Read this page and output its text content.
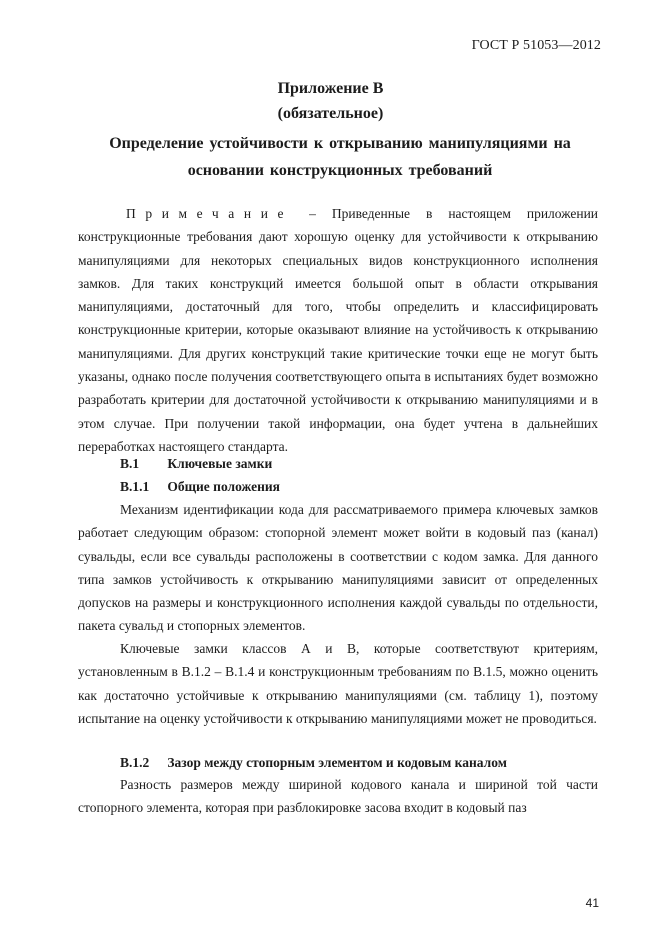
ГОСТ Р 51053—2012
Приложение В
(обязательное)
Определение устойчивости к открыванию манипуляциями на основании конструкционных требований
Примечание – Приведенные в настоящем приложении конструкционные требования дают хорошую оценку для устойчивости к открыванию манипуляциями для некоторых специальных видов конструкционного исполнения замков. Для таких конструкций имеется большой опыт в области открывания манипуляциями, достаточный для того, чтобы определить и классифицировать конструкционные критерии, которые оказывают влияние на устойчивость к открыванию манипуляциями. Для других конструкций такие критические точки еще не могут быть указаны, однако после получения соответствующего опыта в испытаниях будет возможно разработать критерии для достаточной устойчивости к открыванию манипуляциями и в этом случае. При получении такой информации, она будет учтена в дальнейших переработках настоящего стандарта.
В.1 Ключевые замки
В.1.1 Общие положения
Механизм идентификации кода для рассматриваемого примера ключевых замков работает следующим образом: стопорной элемент может войти в кодовый паз (канал) сувальды, если все сувальды расположены в соответствии с кодом замка. Для данного типа замков устойчивость к открыванию манипуляциями зависит от определенных допусков на размеры и конструкционного исполнения каждой сувальды по отдельности, пакета сувальд и стопорных элементов.
Ключевые замки классов А и В, которые соответствуют критериям, установленным в В.1.2 – В.1.4 и конструкционным требованиям по В.1.5, можно оценить как достаточно устойчивые к открыванию манипуляциями (см. таблицу 1), поэтому испытание на оценку устойчивости к открыванию манипуляциями может не проводиться.
В.1.2 Зазор между стопорным элементом и кодовым каналом
Разность размеров между шириной кодового канала и шириной той части стопорного элемента, которая при разблокировке засова входит в кодовый паз
41
